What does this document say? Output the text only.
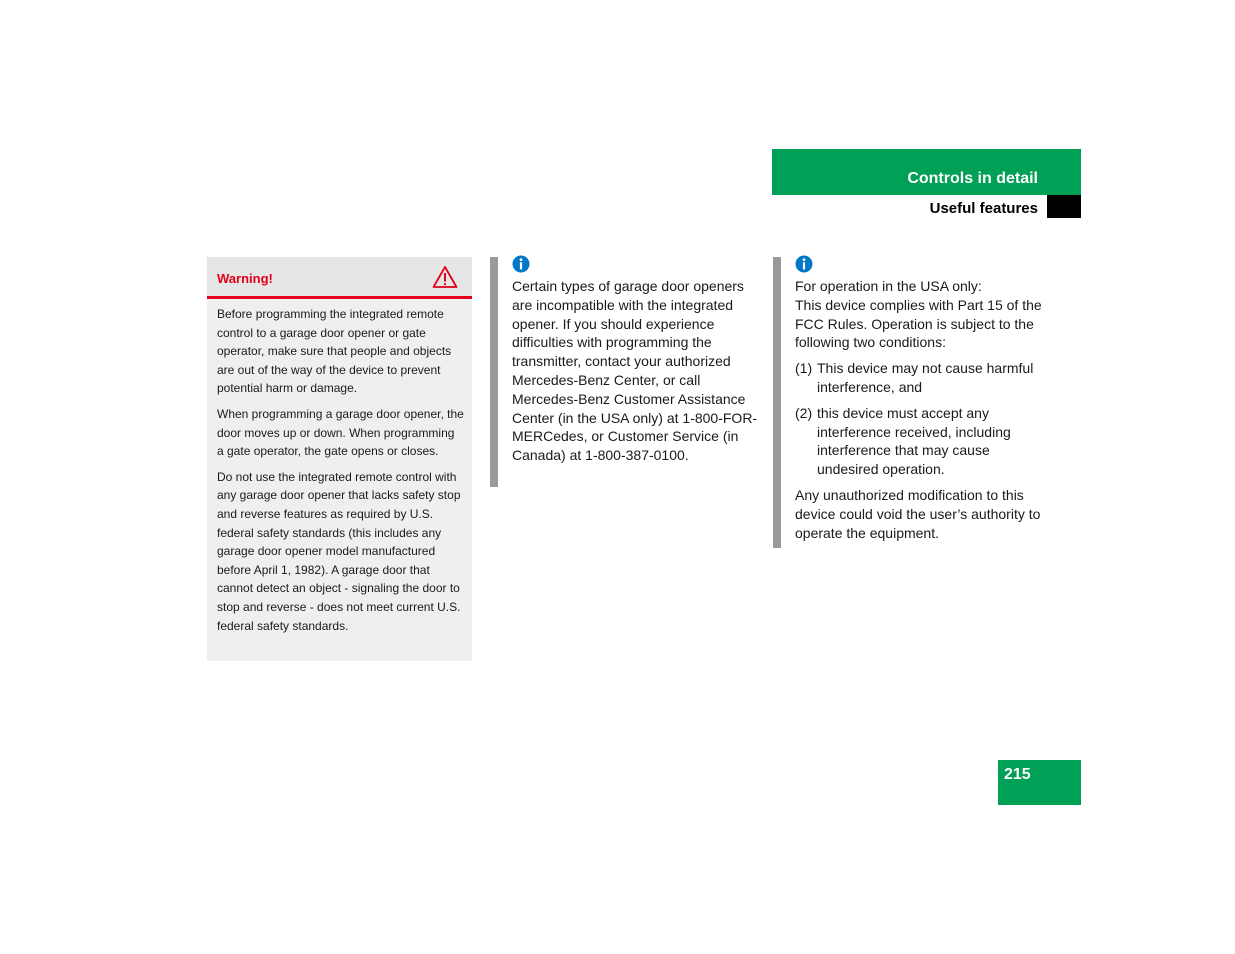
Controls in detail
Useful features
Warning!

Before programming the integrated remote control to a garage door opener or gate operator, make sure that people and objects are out of the way of the device to prevent potential harm or damage.

When programming a garage door opener, the door moves up or down. When programming a gate operator, the gate opens or closes.

Do not use the integrated remote control with any garage door opener that lacks safety stop and reverse features as required by U.S. federal safety standards (this includes any garage door opener model manufactured before April 1, 1982). A garage door that cannot detect an object - signaling the door to stop and reverse - does not meet current U.S. federal safety standards.

Certain types of garage door openers are incompatible with the integrated opener. If you should experience difficulties with programming the transmitter, contact your authorized Mercedes-Benz Center, or call Mercedes-Benz Customer Assistance Center (in the USA only) at 1-800-FOR-MERCedes, or Customer Service (in Canada) at 1-800-387-0100.

For operation in the USA only:
This device complies with Part 15 of the FCC Rules. Operation is subject to the following two conditions:

(1) This device may not cause harmful interference, and
(2) this device must accept any interference received, including interference that may cause undesired operation.

Any unauthorized modification to this device could void the user’s authority to operate the equipment.

215
